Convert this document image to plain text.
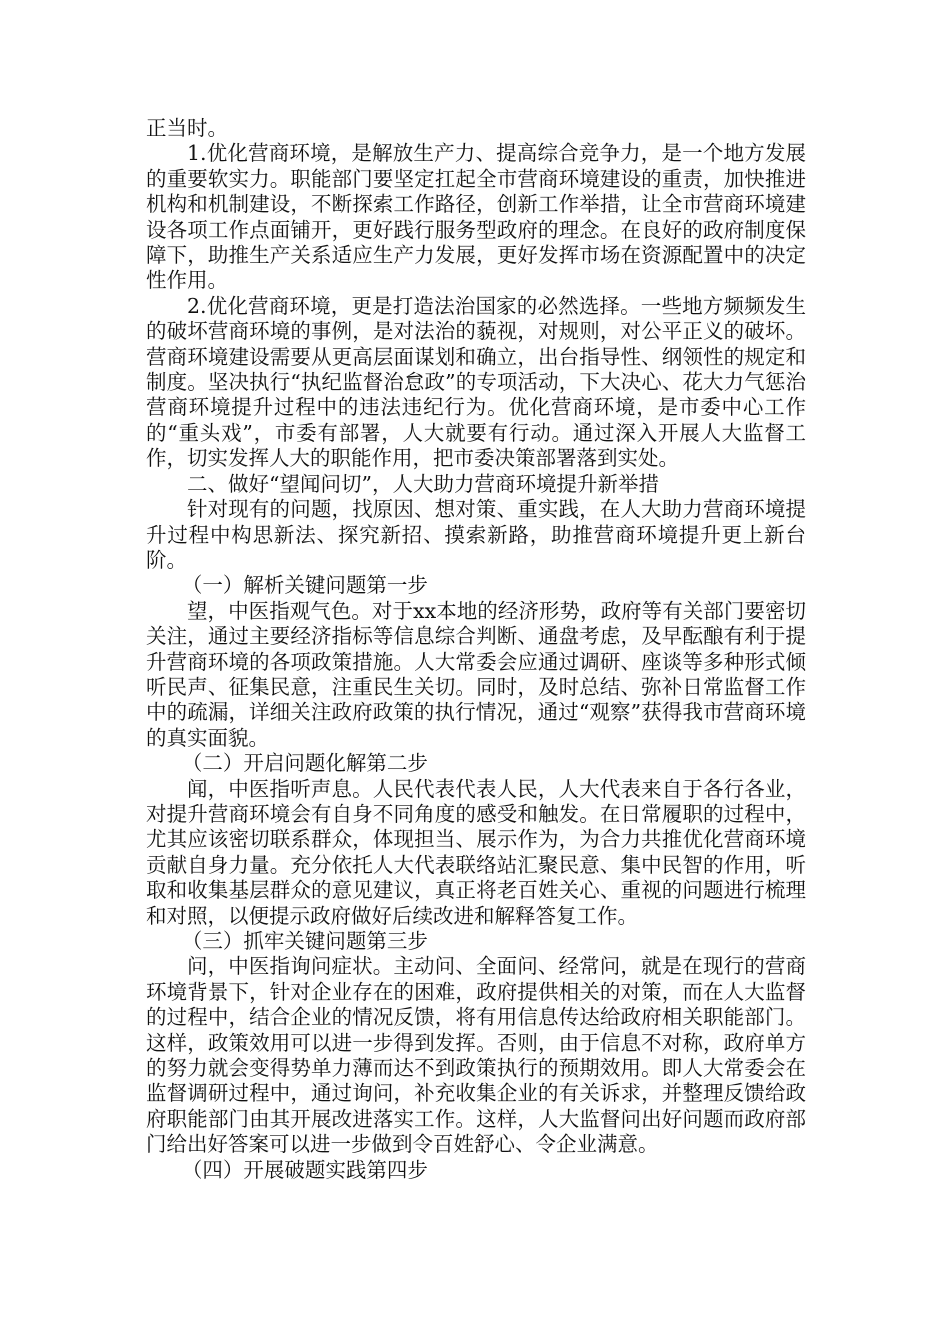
正当时。

1.优化营商环境，是解放生产力、提高综合竞争力，是一个地方发展的重要软实力。职能部门要坚定扛起全市营商环境建设的重责，加快推进机构和机制建设，不断探索工作路径，创新工作举措，让全市营商环境建设各项工作点面铺开，更好践行服务型政府的理念。在良好的政府制度保障下，助推生产关系适应生产力发展，更好发挥市场在资源配置中的决定性作用。

2.优化营商环境，更是打造法治国家的必然选择。一些地方频频发生的破坏营商环境的事例，是对法治的藐视，对规则，对公平正义的破坏。营商环境建设需要从更高层面谋划和确立，出台指导性、纲领性的规定和制度。坚决执行“执纪监督治怠政”的专项活动，下大决心、花大力气惩治营商环境提升过程中的违法违纪行为。优化营商环境，是市委中心工作的“重头戏”，市委有部署，人大就要有行动。通过深入开展人大监督工作，切实发挥人大的职能作用，把市委决策部署落到实处。

二、做好“望闻问切”，人大助力营商环境提升新举措

针对现有的问题，找原因、想对策、重实践，在人大助力营商环境提升过程中构思新法、探究新招、摸索新路，助推营商环境提升更上新台阶。

（一）解析关键问题第一步

望，中医指观气色。对于xx本地的经济形势，政府等有关部门要密切关注，通过主要经济指标等信息综合判断、通盘考虑，及早酝酿有利于提升营商环境的各项政策措施。人大常委会应通过调研、座谈等多种形式倾听民声、征集民意，注重民生关切。同时，及时总结、弥补日常监督工作中的疏漏，详细关注政府政策的执行情况，通过“观察”获得我市营商环境的真实面貌。

（二）开启问题化解第二步

闻，中医指听声息。人民代表代表人民，人大代表来自于各行各业，对提升营商环境会有自身不同角度的感受和触发。在日常履职的过程中，尤其应该密切联系群众，体现担当、展示作为，为合力共推优化营商环境贡献自身力量。充分依托人大代表联络站汇聚民意、集中民智的作用，听取和收集基层群众的意见建议，真正将老百姓关心、重视的问题进行梳理和对照，以便提示政府做好后续改进和解释答复工作。

（三）抓牢关键问题第三步

问，中医指询问症状。主动问、全面问、经常问，就是在现行的营商环境背景下，针对企业存在的困难，政府提供相关的对策，而在人大监督的过程中，结合企业的情况反馈，将有用信息传达给政府相关职能部门。这样，政策效用可以进一步得到发挥。否则，由于信息不对称，政府单方的努力就会变得势单力薄而达不到政策执行的预期效用。即人大常委会在监督调研过程中，通过询问，补充收集企业的有关诉求，并整理反馈给政府职能部门由其开展改进落实工作。这样，人大监督问出好问题而政府部门给出好答案可以进一步做到令百姓舒心、令企业满意。

（四）开展破题实践第四步
